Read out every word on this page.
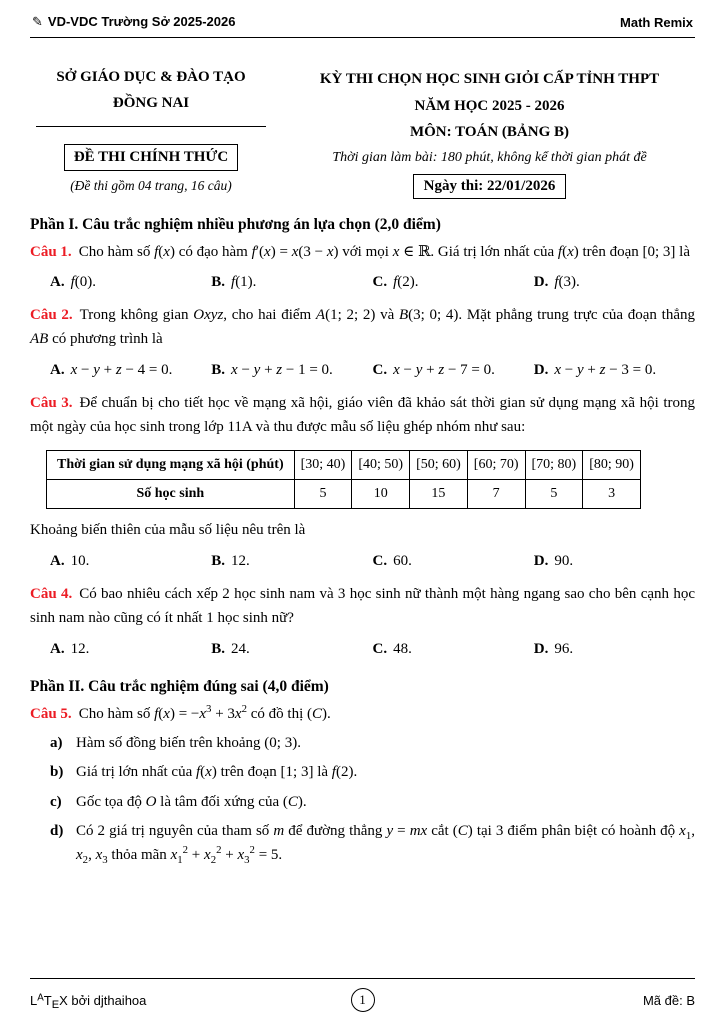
✎ VD-VDC Trường Sở 2025-2026	Math Remix
SỞ GIÁO DỤC & ĐÀO TẠO
ĐỒNG NAI
ĐỀ THI CHÍNH THỨC
(Đề thi gồm 04 trang, 16 câu)
KỲ THI CHỌN HỌC SINH GIỎI CẤP TỈNH THPT
NĂM HỌC 2025 - 2026
MÔN: TOÁN (BẢNG B)
Thời gian làm bài: 180 phút, không kể thời gian phát đề
Ngày thi: 22/01/2026
Phần I. Câu trắc nghiệm nhiều phương án lựa chọn (2,0 điểm)

Câu 1. Cho hàm số f(x) có đạo hàm f′(x) = x(3 − x) với mọi x ∈ ℝ. Giá trị lớn nhất của f(x) trên đoạn [0; 3] là

A. f(0).	B. f(1).	C. f(2).	D. f(3).

Câu 2. Trong không gian Oxyz, cho hai điểm A(1; 2; 2) và B(3; 0; 4). Mặt phẳng trung trực của đoạn thẳng AB có phương trình là

A. x − y + z − 4 = 0.	B. x − y + z − 1 = 0.	C. x − y + z − 7 = 0.	D. x − y + z − 3 = 0.

Câu 3. Để chuẩn bị cho tiết học về mạng xã hội, giáo viên đã khảo sát thời gian sử dụng mạng xã hội trong một ngày của học sinh trong lớp 11A và thu được mẫu số liệu ghép nhóm như sau:

Thời gian sử dụng mạng xã hội (phút)	[30; 40)	[40; 50)	[50; 60)	[60; 70)	[70; 80)	[80; 90)
Số học sinh	5	10	15	7	5	3

Khoảng biến thiên của mẫu số liệu nêu trên là

A. 10.	B. 12.	C. 60.	D. 90.

Câu 4. Có bao nhiêu cách xếp 2 học sinh nam và 3 học sinh nữ thành một hàng ngang sao cho bên cạnh học sinh nam nào cũng có ít nhất 1 học sinh nữ?

A. 12.	B. 24.	C. 48.	D. 96.
Phần II. Câu trắc nghiệm đúng sai (4,0 điểm)

Câu 5. Cho hàm số $f(x) = -x^3 + 3x^2$ có đồ thị (C).

a) Hàm số đồng biến trên khoảng (0; 3).
b) Giá trị lớn nhất của f(x) trên đoạn [1; 3] là f(2).
c) Gốc tọa độ O là tâm đối xứng của (C).
d) Có 2 giá trị nguyên của tham số m để đường thẳng y = mx cắt (C) tại 3 điểm phân biệt có hoành độ $x_1$, $x_2$, $x_3$ thỏa mãn $x_1^2 + x_2^2 + x_3^2 = 5$.
$L^AT_EX$ bởi djthaihoa	1	Mã đề: B
